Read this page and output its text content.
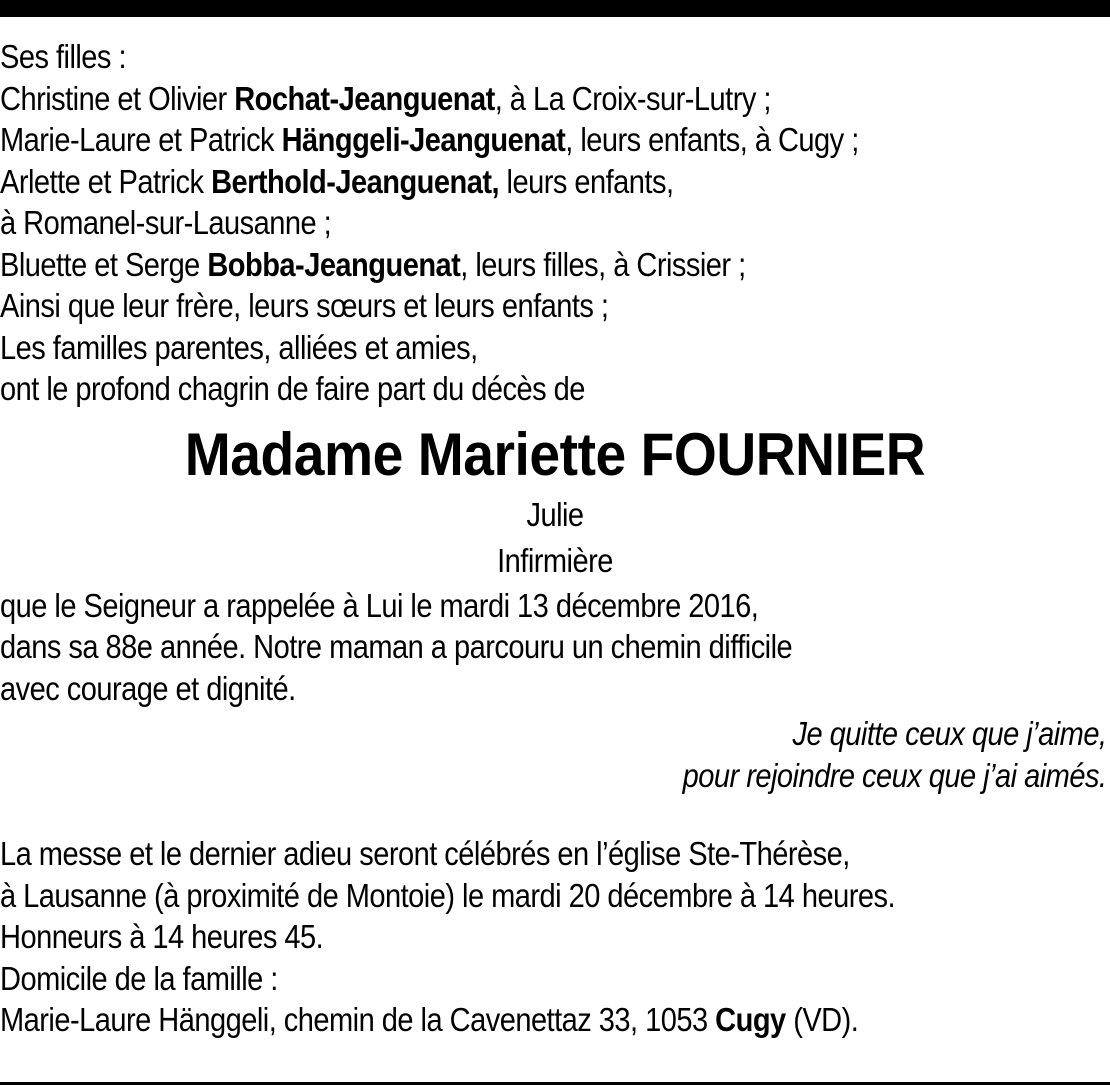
Ses filles :
Christine et Olivier Rochat-Jeanguenat, à La Croix-sur-Lutry ;
Marie-Laure et Patrick Hänggeli-Jeanguenat, leurs enfants, à Cugy ;
Arlette et Patrick Berthold-Jeanguenat, leurs enfants,
à Romanel-sur-Lausanne ;
Bluette et Serge Bobba-Jeanguenat, leurs filles, à Crissier ;
Ainsi que leur frère, leurs sœurs et leurs enfants ;
Les familles parentes, alliées et amies,
ont le profond chagrin de faire part du décès de
Madame Mariette FOURNIER
Julie
Infirmière
que le Seigneur a rappelée à Lui le mardi 13 décembre 2016,
dans sa 88e année. Notre maman a parcouru un chemin difficile
avec courage et dignité.
Je quitte ceux que j’aime,
pour rejoindre ceux que j’ai aimés.
La messe et le dernier adieu seront célébrés en l’église Ste-Thérèse,
à Lausanne (à proximité de Montoie) le mardi 20 décembre à 14 heures.
Honneurs à 14 heures 45.
Domicile de la famille :
Marie-Laure Hänggeli, chemin de la Cavenettaz 33, 1053 Cugy (VD).
